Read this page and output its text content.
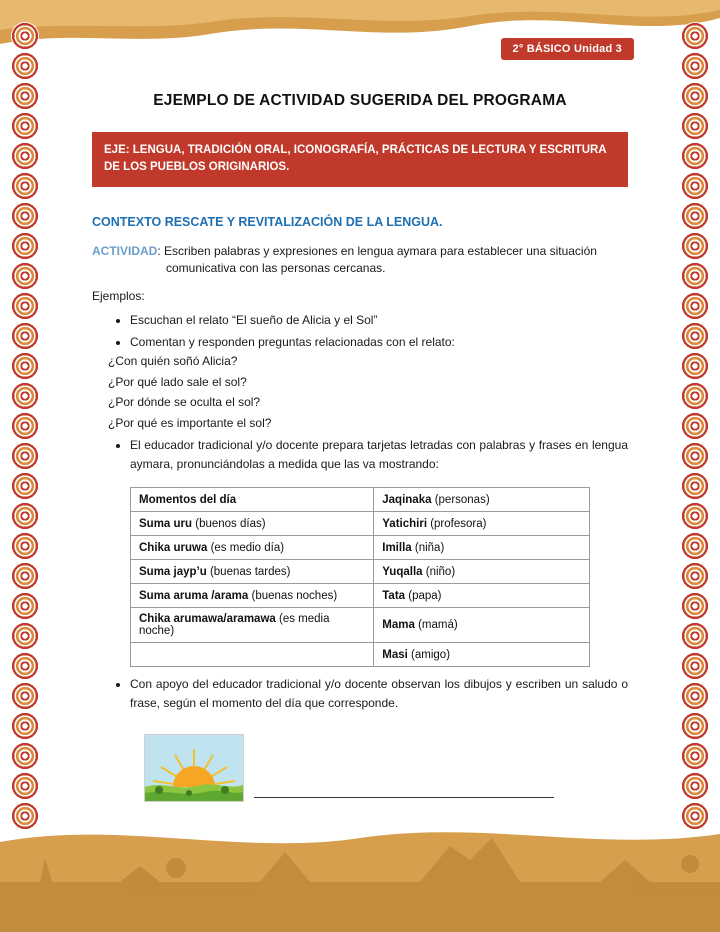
2° BÁSICO Unidad 3
EJEMPLO DE ACTIVIDAD SUGERIDA DEL PROGRAMA
EJE: LENGUA, TRADICIÓN ORAL, ICONOGRAFÍA, PRÁCTICAS DE LECTURA Y ESCRITURA DE LOS PUEBLOS ORIGINARIOS.
CONTEXTO RESCATE Y REVITALIZACIÓN DE LA LENGUA.
ACTIVIDAD: Escriben palabras y expresiones en lengua aymara para establecer una situación
comunicativa con las personas cercanas.
Ejemplos:
• Escuchan el relato “El sueño de Alicia y el Sol”
• Comentan y responden preguntas relacionadas con el relato:
¿Con quién soñó Alicia?
¿Por qué lado sale el sol?
¿Por dónde se oculta el sol?
¿Por qué es importante el sol?
• El educador tradicional y/o docente prepara tarjetas letradas con palabras y frases en lengua aymara, pronunciándolas a medida que las va mostrando:
Momentos del día	Jaqinaka (personas)
Suma uru (buenos días)	Yatichiri (profesora)
Chika uruwa (es medio día)	Imilla (niña)
Suma jayp’u (buenas tardes)	Yuqalla (niño)
Suma aruma /arama (buenas noches)	Tata (papa)
Chika arumawa/aramawa (es media noche)	Mama (mamá)
	Masi (amigo)
• Con apoyo del educador tradicional y/o docente observan los dibujos y escriben un saludo o frase, según el momento del día que corresponde.
